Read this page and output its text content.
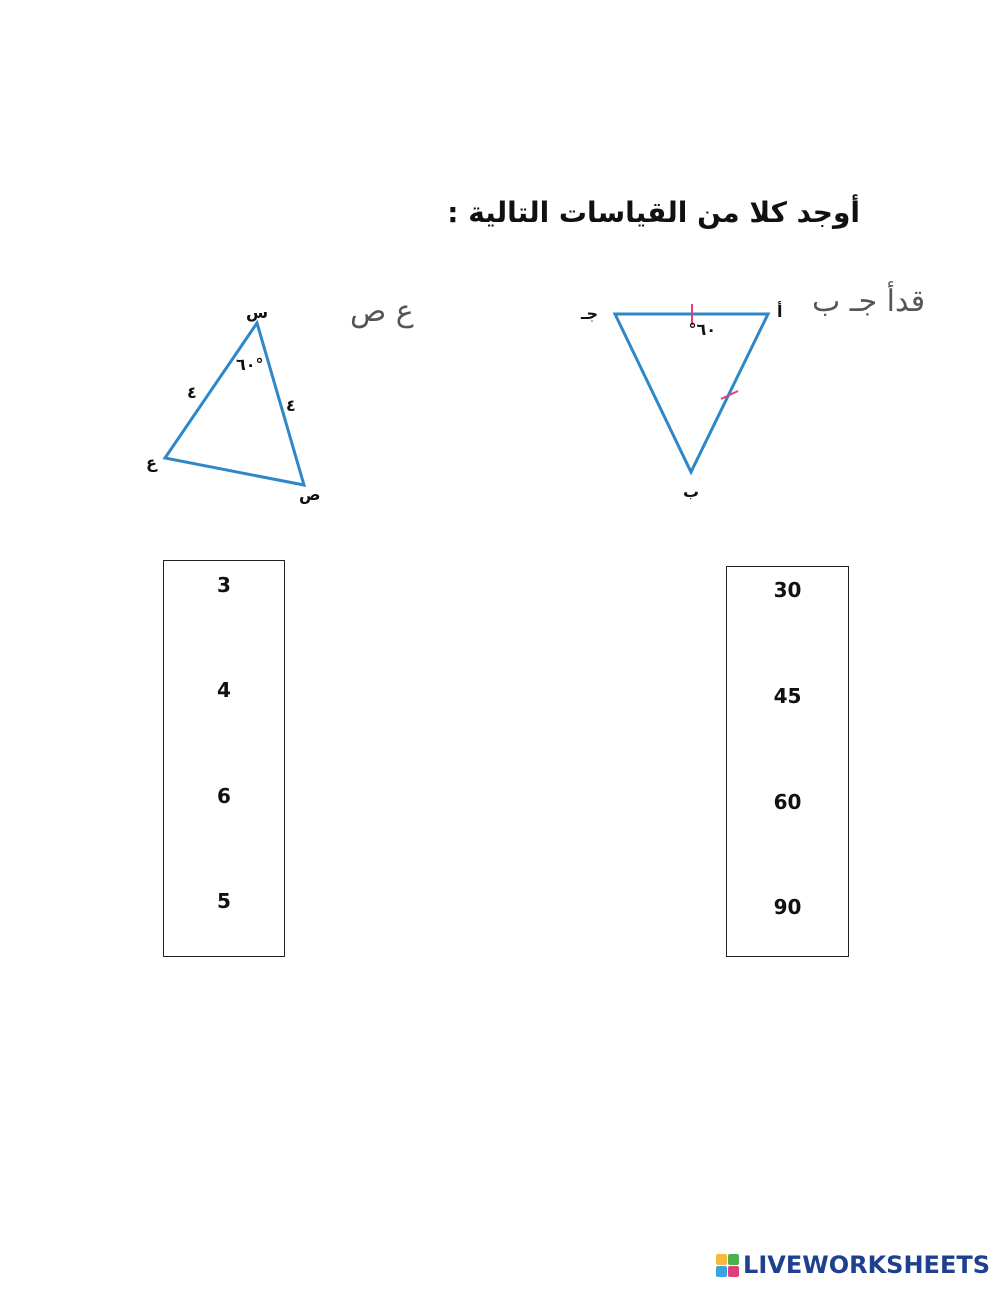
أوجد كلا من القياسات التالية :
قدأ جـ ب
ع ص	أ
جـ
ب
٦٠°
س
ع
ص
٦٠°
٤
٤
3
4
6
5
30
45
60
90
LIVEWORKSHEETS
